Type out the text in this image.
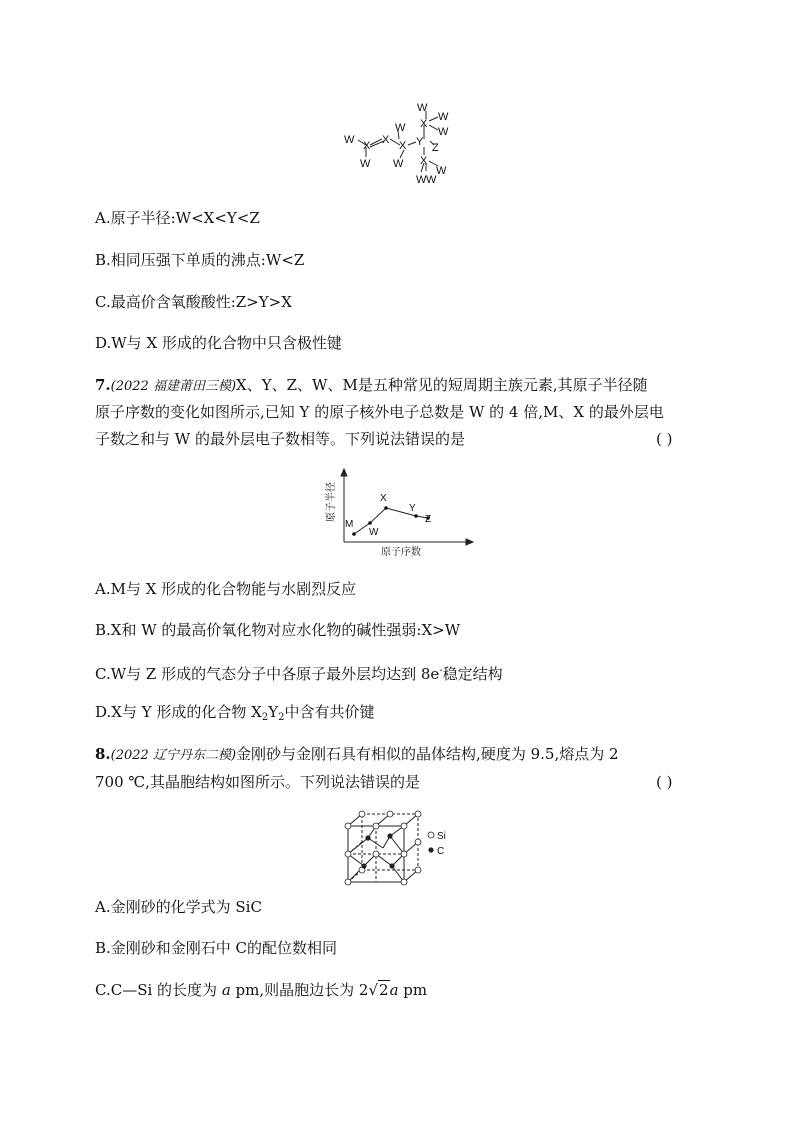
W X
W
X
W
X
W
Y Z
X
W
W
W
X
W
W W
A.原子半径:W<X<Y<Z
B.相同压强下单质的沸点:W<Z
C.最高价含氧酸酸性:Z>Y>X
D.W与 X 形成的化合物中只含极性键
7.(2022 福建莆田三模)X、Y、Z、W、M是五种常见的短周期主族元素,其原子半径随
原子序数的变化如图所示,已知 Y 的原子核外电子总数是 W 的 4 倍,M、X 的最外层电
子数之和与 W 的最外层电子数相等。下列说法错误的是	( )
原子半径
原子序数
M
W
X
Y
Z
A.M与 X 形成的化合物能与水剧烈反应
B.X和 W 的最高价氧化物对应水化物的碱性强弱:X>W
C.W与 Z 形成的气态分子中各原子最外层均达到 8e-稳定结构
D.X与 Y 形成的化合物 $X_2Y_2$中含有共价键
8.(2022 辽宁丹东二模)金刚砂与金刚石具有相似的晶体结构,硬度为 9.5,熔点为 2
700 ℃,其晶胞结构如图所示。下列说法错误的是	( )
Si
C
A.金刚砂的化学式为 SiC
B.金刚砂和金刚石中 C的配位数相同
C.C—Si 的长度为 a pm,则晶胞边长为 2√2a pm
